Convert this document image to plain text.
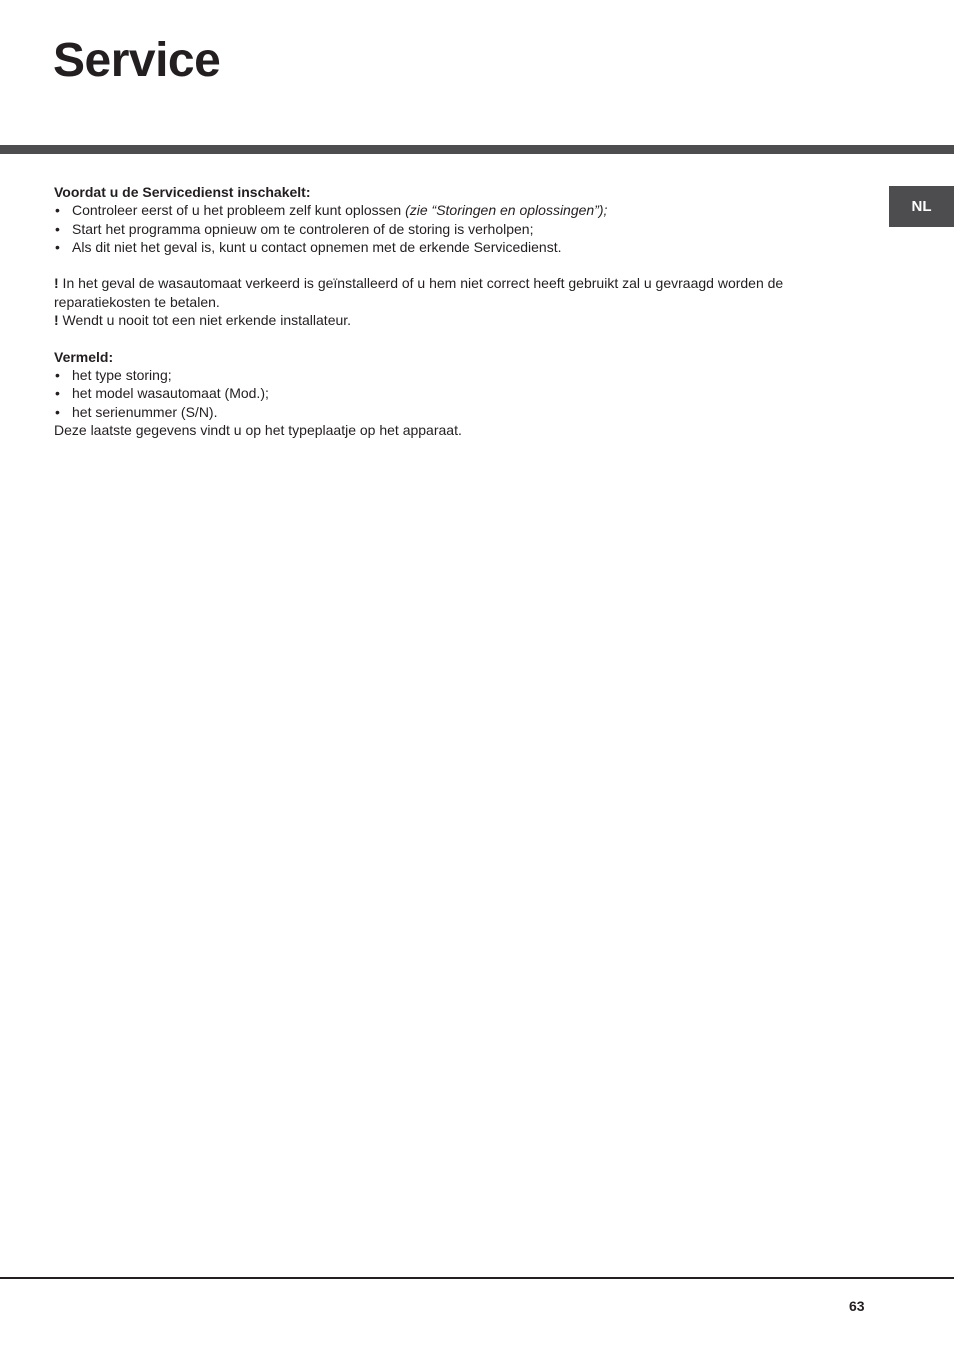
Service
NL
Voordat u de Servicedienst inschakelt:
• Controleer eerst of u het probleem zelf kunt oplossen (zie “Storingen en oplossingen”);
• Start het programma opnieuw om te controleren of de storing is verholpen;
• Als dit niet het geval is, kunt u contact opnemen met de erkende Servicedienst.
! In het geval de wasautomaat verkeerd is geïnstalleerd of u hem niet correct heeft gebruikt zal u gevraagd worden de reparatiekosten te betalen.
! Wendt u nooit tot een niet erkende installateur.
Vermeld:
• het type storing;
• het model wasautomaat (Mod.);
• het serienummer (S/N).
Deze laatste gegevens vindt u op het typeplaatje op het apparaat.
63
